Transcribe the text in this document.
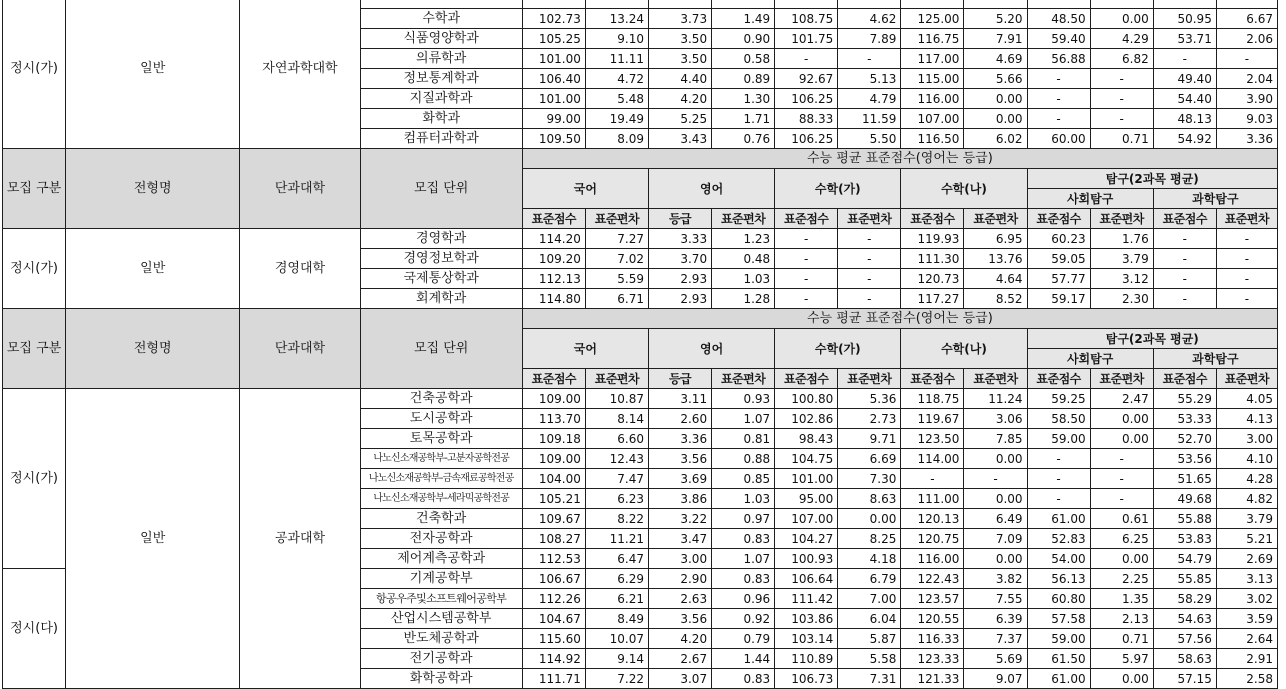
정시(가)	일반	자연과학대학													
			수학과	102.73	13.24	3.73	1.49	108.75	4.62	125.00	5.20	48.50	0.00	50.95	6.67
			식품영양학과	105.25	9.10	3.50	0.90	101.75	7.89	116.75	7.91	59.40	4.29	53.71	2.06
			의류학과	101.00	11.11	3.50	0.58	-	-	117.00	4.69	56.88	6.82	-	-
			정보통계학과	106.40	4.72	4.40	0.89	92.67	5.13	115.00	5.66	-	-	49.40	2.04
			지질과학과	101.00	5.48	4.20	1.30	106.25	4.79	116.00	0.00	-	-	54.40	3.90
			화학과	99.00	19.49	5.25	1.71	88.33	11.59	107.00	0.00	-	-	48.13	9.03
			컴퓨터과학과	109.50	8.09	3.43	0.76	106.25	5.50	116.50	6.02	60.00	0.71	54.92	3.36
모집 구분	전형명	단과대학	모집 단위	수능 평균 표준점수(영어는 등급)											
				국어		영어		수학(가)		수학(나)		탐구(2과목 평균)			
												사회탐구		과학탐구	
				표준점수	표준편차	등급	표준편차	표준점수	표준편차	표준점수	표준편차	표준점수	표준편차	표준점수	표준편차
정시(가)	일반	경영대학	경영학과	114.20	7.27	3.33	1.23	-	-	119.93	6.95	60.23	1.76	-	-
			경영정보학과	109.20	7.02	3.70	0.48	-	-	111.30	13.76	59.05	3.79	-	-
			국제통상학과	112.13	5.59	2.93	1.03	-	-	120.73	4.64	57.77	3.12	-	-
			회계학과	114.80	6.71	2.93	1.28	-	-	117.27	8.52	59.17	2.30	-	-
모집 구분	전형명	단과대학	모집 단위	수능 평균 표준점수(영어는 등급)											
				국어		영어		수학(가)		수학(나)		탐구(2과목 평균)			
												사회탐구		과학탐구	
				표준점수	표준편차	등급	표준편차	표준점수	표준편차	표준점수	표준편차	표준점수	표준편차	표준점수	표준편차
정시(가)	일반	공과대학	건축공학과	109.00	10.87	3.11	0.93	100.80	5.36	118.75	11.24	59.25	2.47	55.29	4.05
			도시공학과	113.70	8.14	2.60	1.07	102.86	2.73	119.67	3.06	58.50	0.00	53.33	4.13
			토목공학과	109.18	6.60	3.36	0.81	98.43	9.71	123.50	7.85	59.00	0.00	52.70	3.00
			나노신소재공학부-고분자공학전공	109.00	12.43	3.56	0.88	104.75	6.69	114.00	0.00	-	-	53.56	4.10
			나노신소재공학부-금속재료공학전공	104.00	7.47	3.69	0.85	101.00	7.30	-	-	-	-	51.65	4.28
			나노신소재공학부-세라믹공학전공	105.21	6.23	3.86	1.03	95.00	8.63	111.00	0.00	-	-	49.68	4.82
			건축학과	109.67	8.22	3.22	0.97	107.00	0.00	120.13	6.49	61.00	0.61	55.88	3.79
			전자공학과	108.27	11.21	3.47	0.83	104.27	8.25	120.75	7.09	52.83	6.25	53.83	5.21
			제어계측공학과	112.53	6.47	3.00	1.07	100.93	4.18	116.00	0.00	54.00	0.00	54.79	2.69
정시(다)			기계공학부	106.67	6.29	2.90	0.83	106.64	6.79	122.43	3.82	56.13	2.25	55.85	3.13
			항공우주및소프트웨어공학부	112.26	6.21	2.63	0.96	111.42	7.00	123.57	7.55	60.80	1.35	58.29	3.02
			산업시스템공학부	104.67	8.49	3.56	0.92	103.86	6.04	120.55	6.39	57.58	2.13	54.63	3.59
			반도체공학과	115.60	10.07	4.20	0.79	103.14	5.87	116.33	7.37	59.00	0.71	57.56	2.64
			전기공학과	114.92	9.14	2.67	1.44	110.89	5.58	123.33	5.69	61.50	5.97	58.63	2.91
			화학공학과	111.71	7.22	3.07	0.83	106.73	7.31	121.33	9.07	61.00	0.00	57.15	2.58
